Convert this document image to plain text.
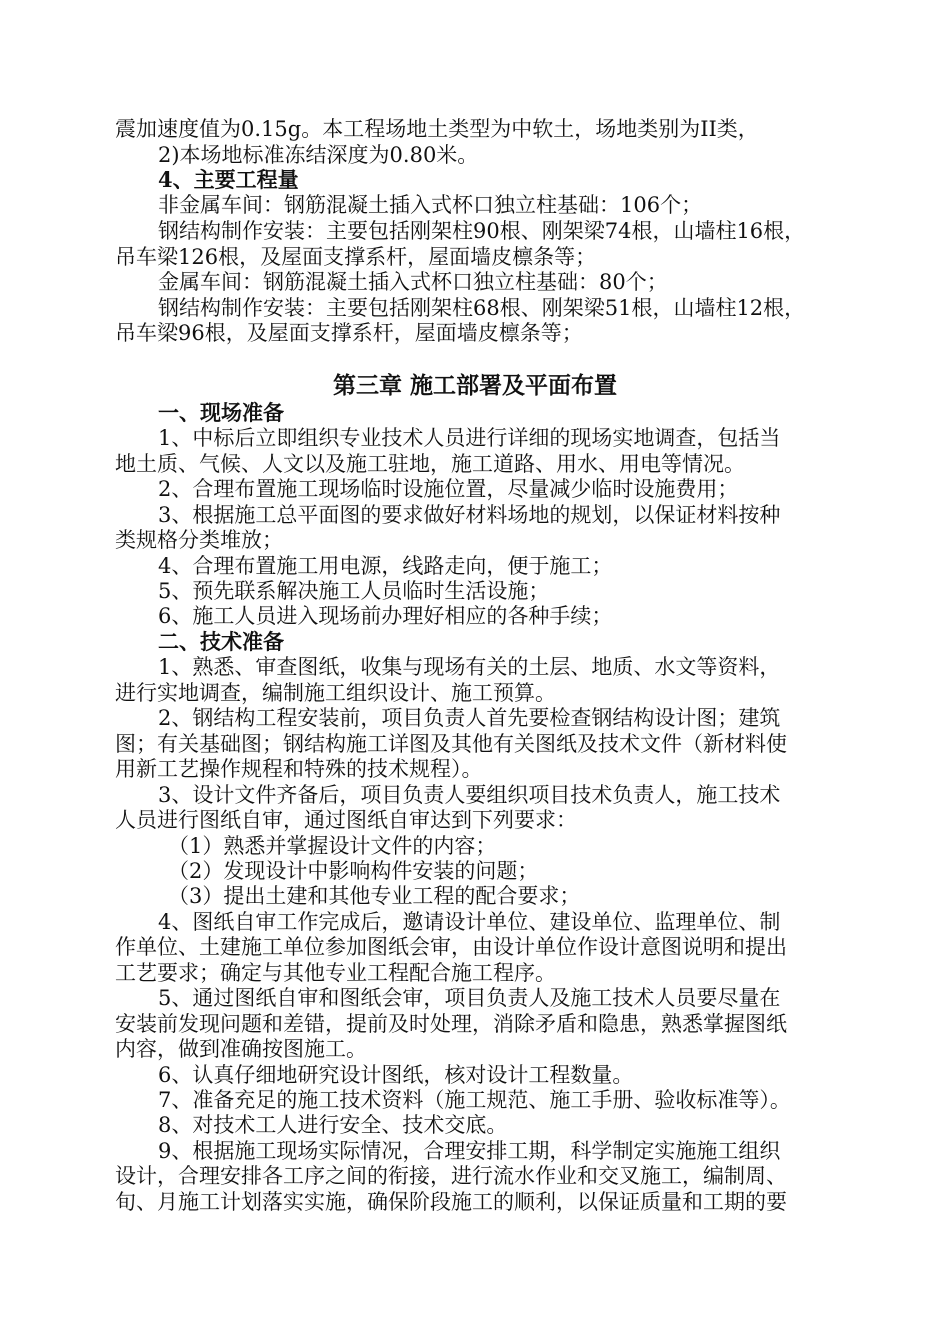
震加速度值为0.15g。本工程场地土类型为中软土，场地类别为II类，
2)本场地标准冻结深度为0.80米。
4、主要工程量
非金属车间：钢筋混凝土插入式杯口独立柱基础：106个；
钢结构制作安装：主要包括刚架柱90根、刚架梁74根，山墙柱16根，
吊车梁126根，及屋面支撑系杆，屋面墙皮檩条等；
金属车间：钢筋混凝土插入式杯口独立柱基础：80个；
钢结构制作安装：主要包括刚架柱68根、刚架梁51根，山墙柱12根，
吊车梁96根，及屋面支撑系杆，屋面墙皮檩条等；
第三章 施工部署及平面布置
一、现场准备
1、中标后立即组织专业技术人员进行详细的现场实地调查，包括当
地土质、气候、人文以及施工驻地，施工道路、用水、用电等情况。
2、合理布置施工现场临时设施位置，尽量减少临时设施费用；
3、根据施工总平面图的要求做好材料场地的规划，以保证材料按种
类规格分类堆放；
4、合理布置施工用电源，线路走向，便于施工；
5、预先联系解决施工人员临时生活设施；
6、施工人员进入现场前办理好相应的各种手续；
二、技术准备
1、熟悉、审查图纸，收集与现场有关的土层、地质、水文等资料，
进行实地调查，编制施工组织设计、施工预算。
2、钢结构工程安装前，项目负责人首先要检查钢结构设计图；建筑
图；有关基础图；钢结构施工详图及其他有关图纸及技术文件（新材料使
用新工艺操作规程和特殊的技术规程）。
3、设计文件齐备后，项目负责人要组织项目技术负责人，施工技术
人员进行图纸自审，通过图纸自审达到下列要求：
（1）熟悉并掌握设计文件的内容；
（2）发现设计中影响构件安装的问题；
（3）提出土建和其他专业工程的配合要求；
4、图纸自审工作完成后，邀请设计单位、建设单位、监理单位、制
作单位、土建施工单位参加图纸会审，由设计单位作设计意图说明和提出
工艺要求；确定与其他专业工程配合施工程序。
5、通过图纸自审和图纸会审，项目负责人及施工技术人员要尽量在
安装前发现问题和差错，提前及时处理，消除矛盾和隐患，熟悉掌握图纸
内容，做到准确按图施工。
6、认真仔细地研究设计图纸，核对设计工程数量。
7、准备充足的施工技术资料（施工规范、施工手册、验收标准等）。
8、对技术工人进行安全、技术交底。
9、根据施工现场实际情况，合理安排工期，科学制定实施施工组织
设计，合理安排各工序之间的衔接，进行流水作业和交叉施工，编制周、
旬、月施工计划落实实施，确保阶段施工的顺利，以保证质量和工期的要
